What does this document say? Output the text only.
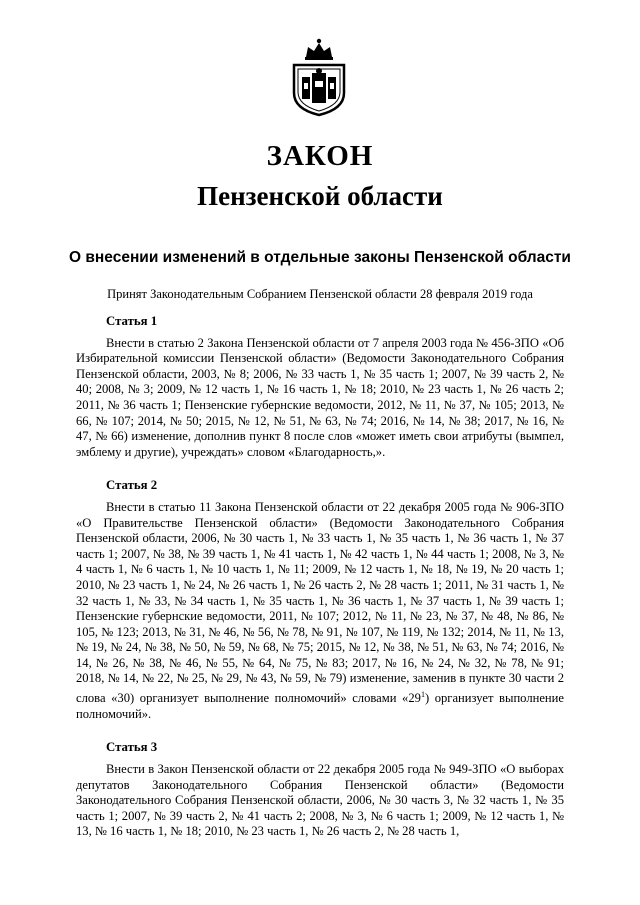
ЗАКОН
Пензенской области
О внесении изменений в отдельные законы Пензенской области
Принят Законодательным Собранием Пензенской области 28 февраля 2019 года
Статья 1
Внести в статью 2 Закона Пензенской области от 7 апреля 2003 года № 456-ЗПО «Об Избирательной комиссии Пензенской области» (Ведомости Законодательного Собрания Пензенской области, 2003, № 8; 2006, № 33 часть 1, № 35 часть 1; 2007, № 39 часть 2, № 40; 2008, № 3; 2009, № 12 часть 1, № 16 часть 1, № 18; 2010, № 23 часть 1, № 26 часть 2; 2011, № 36 часть 1; Пензенские губернские ведомости, 2012, № 11, № 37, № 105; 2013, № 66, № 107; 2014, № 50; 2015, № 12, № 51, № 63, № 74; 2016, № 14, № 38; 2017, № 16, № 47, № 66) изменение, дополнив пункт 8 после слов «может иметь свои атрибуты (вымпел, эмблему и другие), учреждать» словом «Благодарность,».
Статья 2
Внести в статью 11 Закона Пензенской области от 22 декабря 2005 года № 906-ЗПО «О Правительстве Пензенской области» (Ведомости Законодательного Собрания Пензенской области, 2006, № 30 часть 1, № 33 часть 1, № 35 часть 1, № 36 часть 1, № 37 часть 1; 2007, № 38, № 39 часть 1, № 41 часть 1, № 42 часть 1, № 44 часть 1; 2008, № 3, № 4 часть 1, № 6 часть 1, № 10 часть 1, № 11; 2009, № 12 часть 1, № 18, № 19, № 20 часть 1; 2010, № 23 часть 1, № 24, № 26 часть 1, № 26 часть 2, № 28 часть 1; 2011, № 31 часть 1, № 32 часть 1, № 33, № 34 часть 1, № 35 часть 1, № 36 часть 1, № 37 часть 1, № 39 часть 1; Пензенские губернские ведомости, 2011, № 107; 2012, № 11, № 23, № 37, № 48, № 86, № 105, № 123; 2013, № 31, № 46, № 56, № 78, № 91, № 107, № 119, № 132; 2014, № 11, № 13, № 19, № 24, № 38, № 50, № 59, № 68, № 75; 2015, № 12, № 38, № 51, № 63, № 74; 2016, № 14, № 26, № 38, № 46, № 55, № 64, № 75, № 83; 2017, № 16, № 24, № 32, № 78, № 91; 2018, № 14, № 22, № 25, № 29, № 43, № 59, № 79) изменение, заменив в пункте 30 части 2 слова «30) организует выполнение полномочий» словами «$29^1$) организует выполнение полномочий».
Статья 3
Внести в Закон Пензенской области от 22 декабря 2005 года № 949-ЗПО «О выборах депутатов Законодательного Собрания Пензенской области» (Ведомости Законодательного Собрания Пензенской области, 2006, № 30 часть 3, № 32 часть 1, № 35 часть 1; 2007, № 39 часть 2, № 41 часть 2; 2008, № 3, № 6 часть 1; 2009, № 12 часть 1, № 13, № 16 часть 1, № 18; 2010, № 23 часть 1, № 26 часть 2, № 28 часть 1,
